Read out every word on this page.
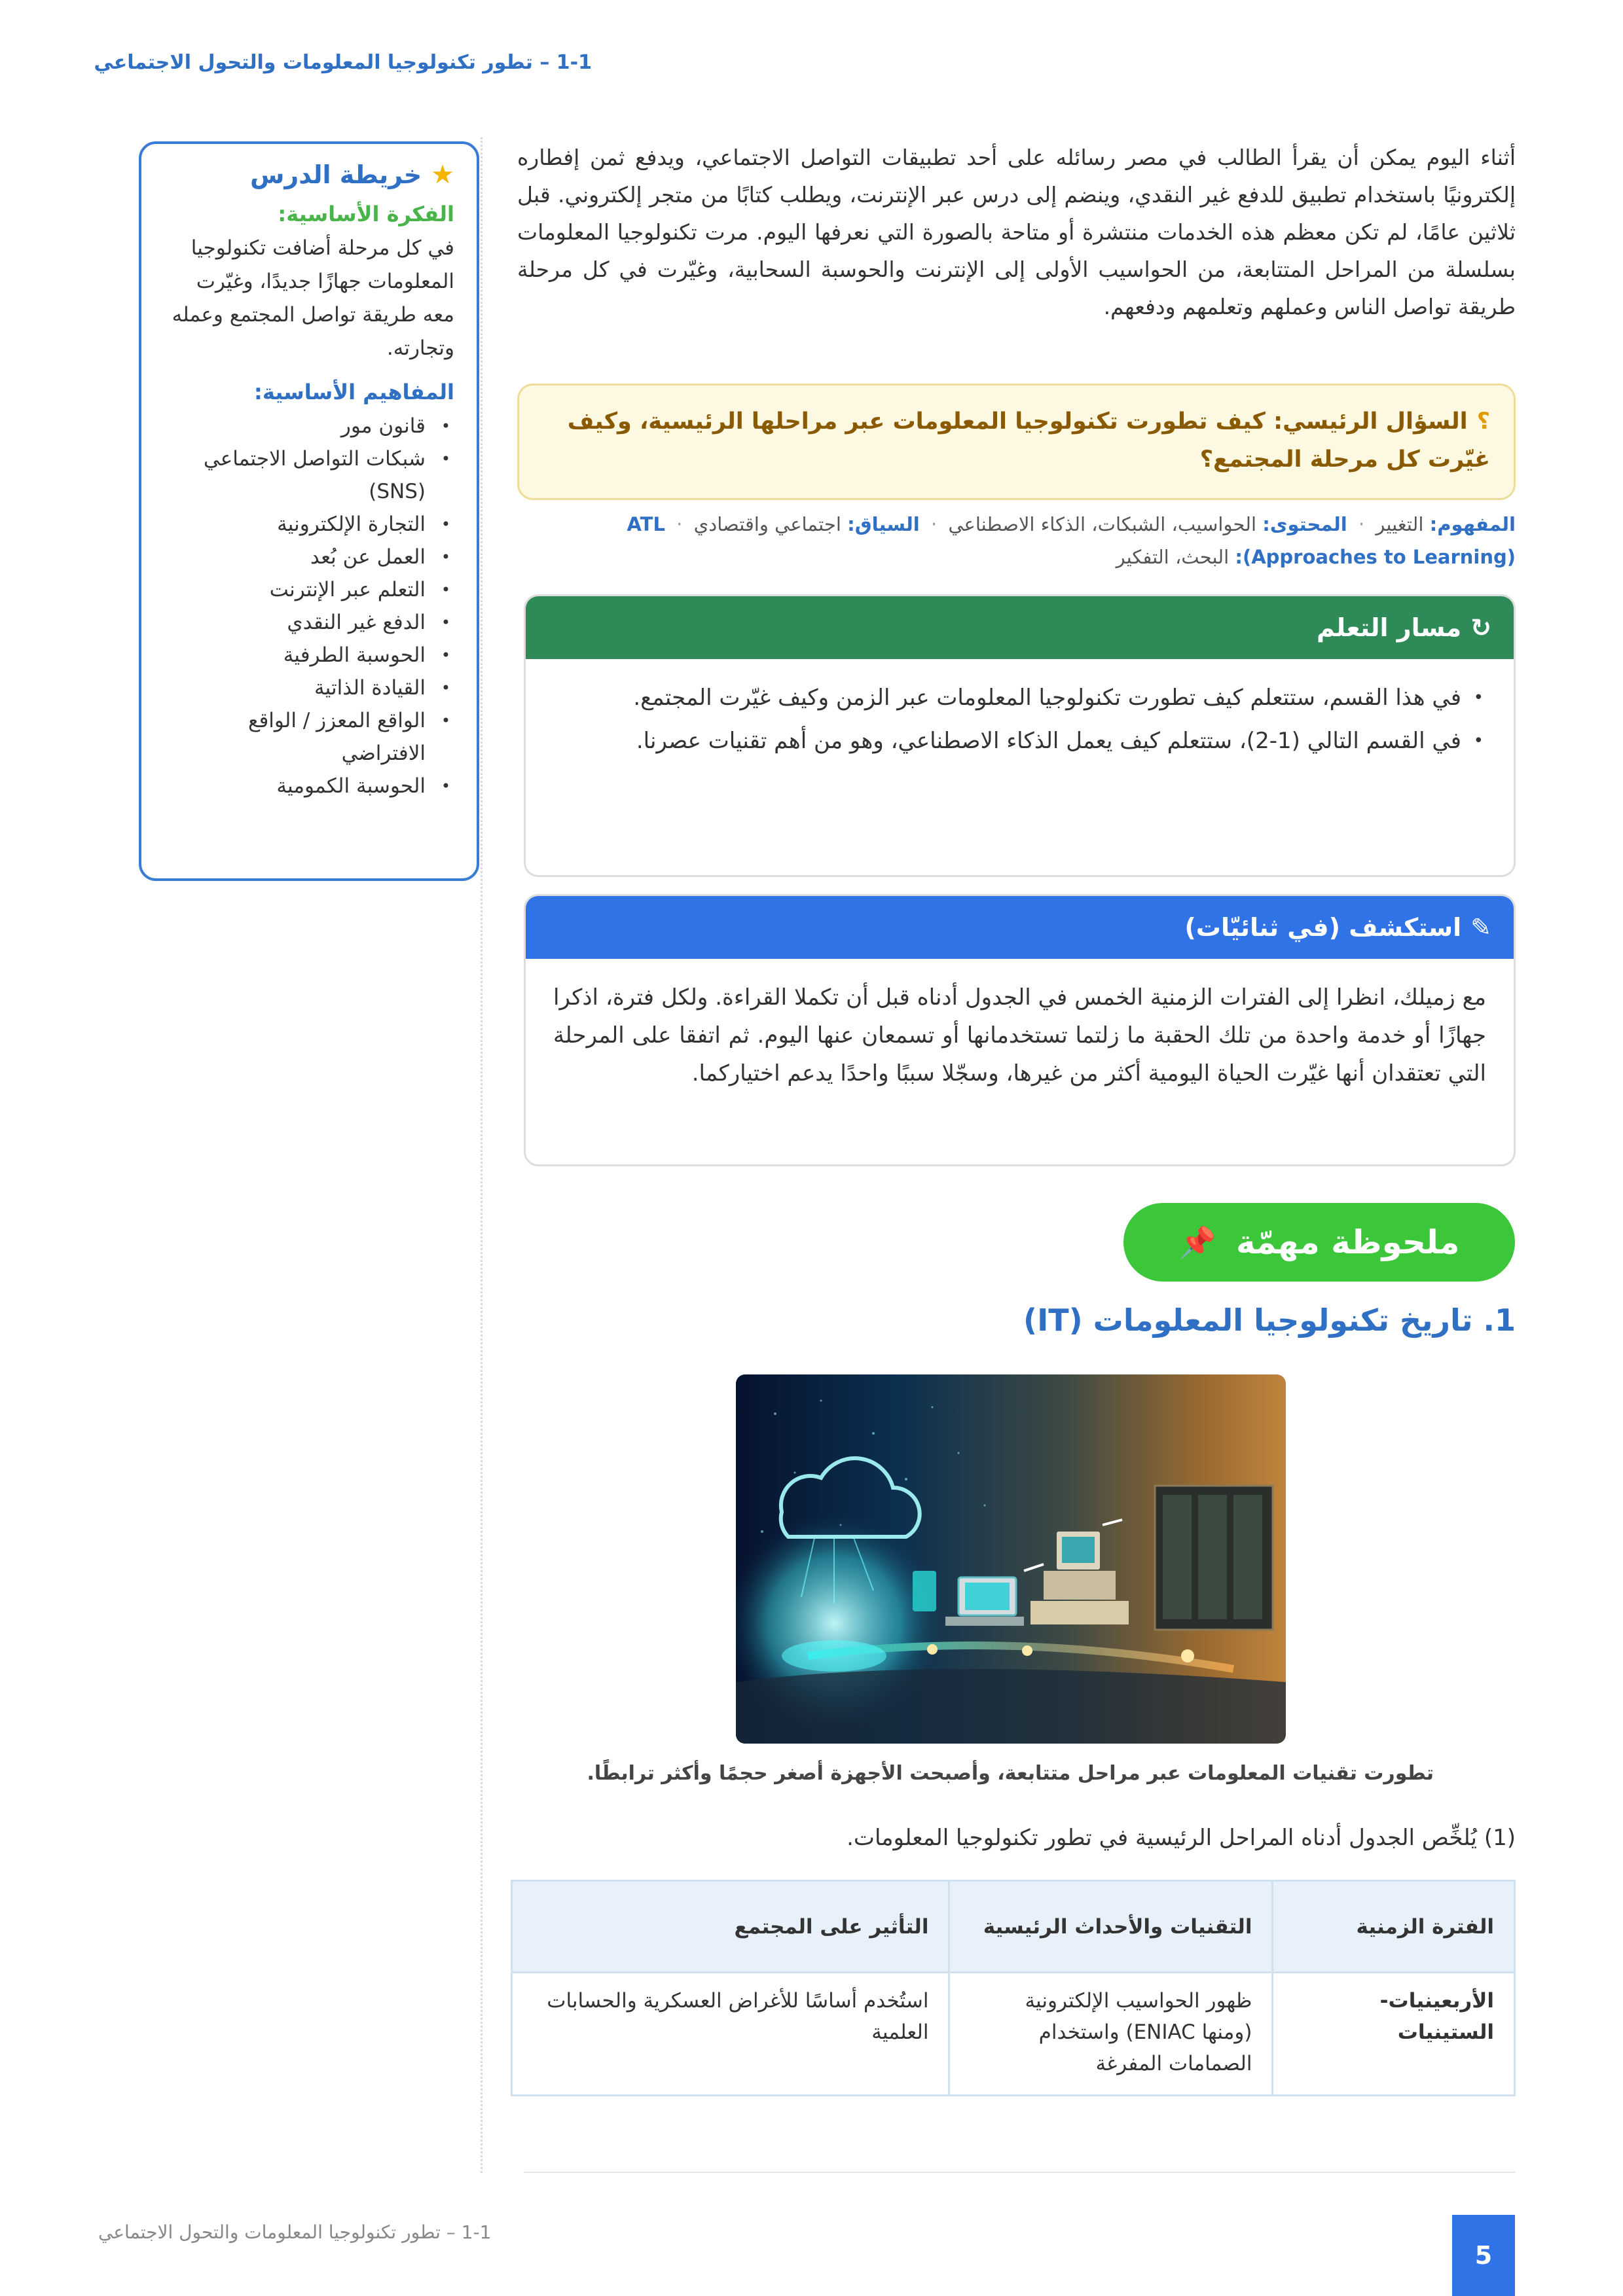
1-1 – تطور تكنولوجيا المعلومات والتحول الاجتماعي
★
خريطة الدرس
الفكرة الأساسية:

في كل مرحلة أضافت تكنولوجيا المعلومات جهازًا جديدًا، وغيّرت معه طريقة تواصل المجتمع وعمله وتجارته.

المفاهيم الأساسية:
• قانون مور
• شبكات التواصل الاجتماعي (SNS)
• التجارة الإلكترونية
• العمل عن بُعد
• التعلم عبر الإنترنت
• الدفع غير النقدي
• الحوسبة الطرفية
• القيادة الذاتية
• الواقع المعزز / الواقع الافتراضي
• الحوسبة الكمومية

أثناء اليوم يمكن أن يقرأ الطالب في مصر رسائله على أحد تطبيقات التواصل الاجتماعي، ويدفع ثمن إفطاره إلكترونيًا باستخدام تطبيق للدفع غير النقدي، وينضم إلى درس عبر الإنترنت، ويطلب كتابًا من متجر إلكتروني. قبل ثلاثين عامًا، لم تكن معظم هذه الخدمات منتشرة أو متاحة بالصورة التي نعرفها اليوم. مرت تكنولوجيا المعلومات بسلسلة من المراحل المتتابعة، من الحواسيب الأولى إلى الإنترنت والحوسبة السحابية، وغيّرت في كل مرحلة طريقة تواصل الناس وعملهم وتعلمهم ودفعهم.

؟السؤال الرئيسي: كيف تطورت تكنولوجيا المعلومات عبر مراحلها الرئيسية، وكيف غيّرت كل مرحلة المجتمع؟
المفهوم: التغيير · المحتوى: الحواسيب، الشبكات، الذكاء الاصطناعي · السياق: اجتماعي واقتصادي · ATL (Approaches to Learning): البحث، التفكير
↻
مسار التعلم
• في هذا القسم، ستتعلم كيف تطورت تكنولوجيا المعلومات عبر الزمن وكيف غيّرت المجتمع.
• في القسم التالي (1-2)، ستتعلم كيف يعمل الذكاء الاصطناعي، وهو من أهم تقنيات عصرنا.
✎
استكشف (في ثنائيّات)

مع زميلك، انظرا إلى الفترات الزمنية الخمس في الجدول أدناه قبل أن تكملا القراءة. ولكل فترة، اذكرا جهازًا أو خدمة واحدة من تلك الحقبة ما زلتما تستخدمانها أو تسمعان عنها اليوم. ثم اتفقا على المرحلة التي تعتقدان أنها غيّرت الحياة اليومية أكثر من غيرها، وسجّلا سببًا واحدًا يدعم اختياركما.

ملحوظة مهمّة
📌
1. تاريخ تكنولوجيا المعلومات (IT)

تطورت تقنيات المعلومات عبر مراحل متتابعة، وأصبحت الأجهزة أصغر حجمًا وأكثر ترابطًا.

(1) يُلخِّص الجدول أدناه المراحل الرئيسية في تطور تكنولوجيا المعلومات.

الفترة الزمنية	التقنيات والأحداث الرئيسية	التأثير على المجتمع
الأربعينيات-الستينيات	ظهور الحواسيب الإلكترونية (ومنها ENIAC) واستخدام الصمامات المفرغة	استُخدم أساسًا للأغراض العسكرية والحسابات العلمية
1-1 – تطور تكنولوجيا المعلومات والتحول الاجتماعي
5
